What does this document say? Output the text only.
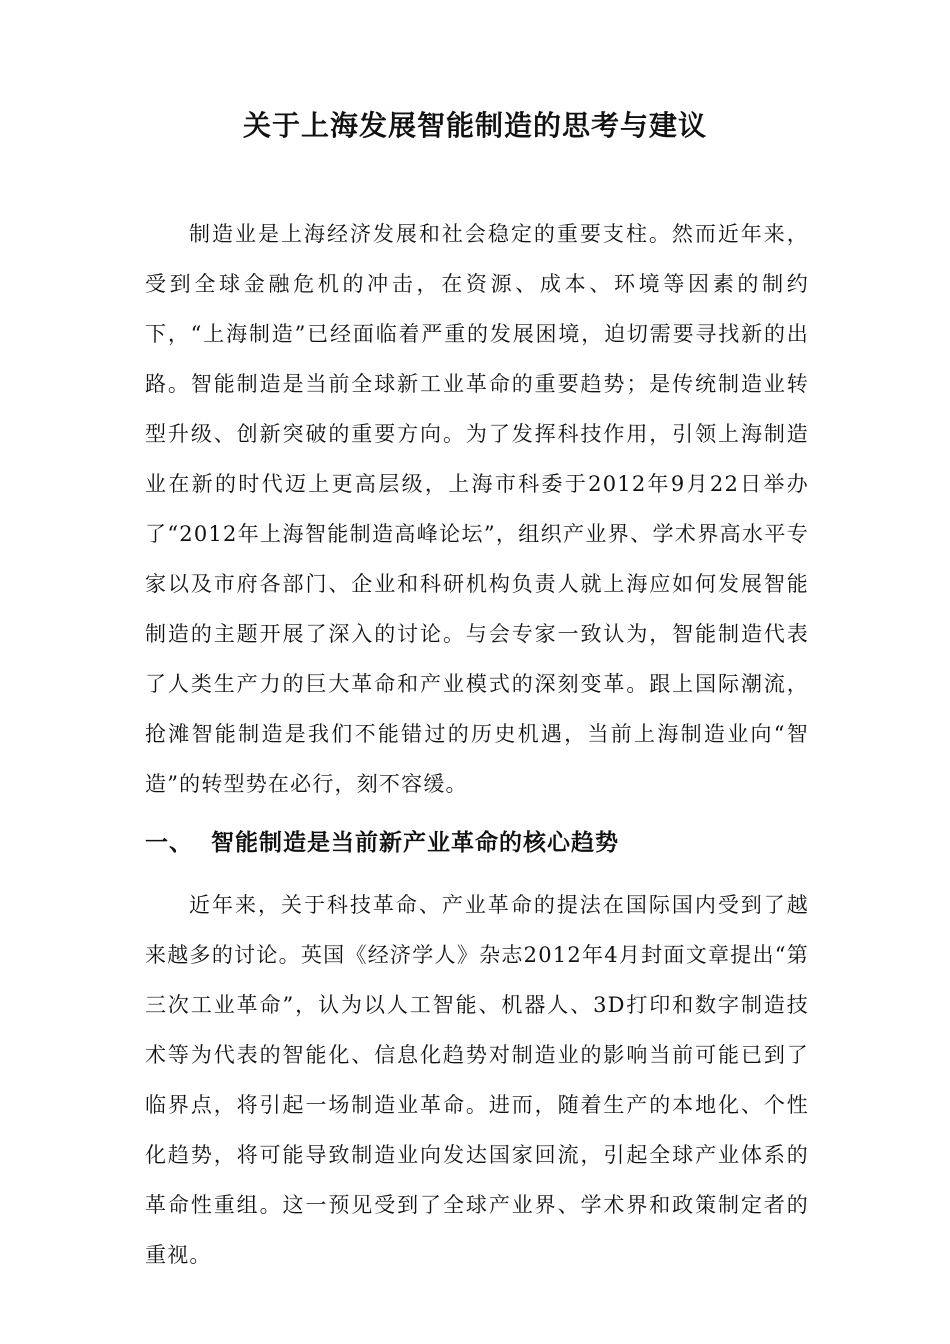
关于上海发展智能制造的思考与建议

制造业是上海经济发展和社会稳定的重要支柱。然而近年来，受到全球金融危机的冲击，在资源、成本、环境等因素的制约下，“上海制造”已经面临着严重的发展困境，迫切需要寻找新的出路。智能制造是当前全球新工业革命的重要趋势；是传统制造业转型升级、创新突破的重要方向。为了发挥科技作用，引领上海制造业在新的时代迈上更高层级，上海市科委于2012年9月22日举办了“2012年上海智能制造高峰论坛”，组织产业界、学术界高水平专家以及市府各部门、企业和科研机构负责人就上海应如何发展智能制造的主题开展了深入的讨论。与会专家一致认为，智能制造代表了人类生产力的巨大革命和产业模式的深刻变革。跟上国际潮流，抢滩智能制造是我们不能错过的历史机遇，当前上海制造业向“智造”的转型势在必行，刻不容缓。

一、 智能制造是当前新产业革命的核心趋势

近年来，关于科技革命、产业革命的提法在国际国内受到了越来越多的讨论。英国《经济学人》杂志2012年4月封面文章提出“第三次工业革命”，认为以人工智能、机器人、3D打印和数字制造技术等为代表的智能化、信息化趋势对制造业的影响当前可能已到了临界点，将引起一场制造业革命。进而，随着生产的本地化、个性化趋势，将可能导致制造业向发达国家回流，引起全球产业体系的革命性重组。这一预见受到了全球产业界、学术界和政策制定者的重视。
